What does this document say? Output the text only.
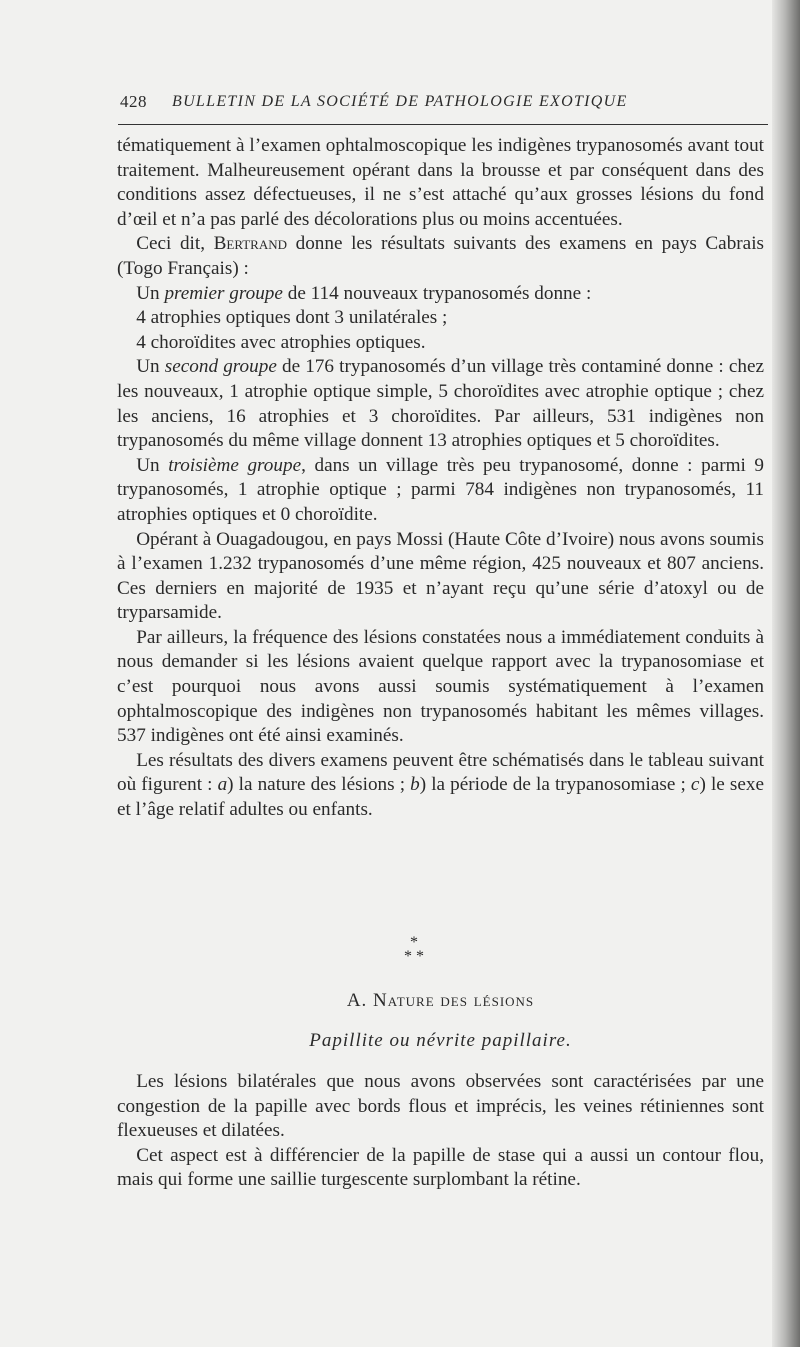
428 BULLETIN DE LA SOCIÉTÉ DE PATHOLOGIE EXOTIQUE

tématiquement à l’examen ophtalmoscopique les indigènes trypanosomés avant tout traitement. Malheureusement opérant dans la brousse et par conséquent dans des conditions assez défectueuses, il ne s’est attaché qu’aux grosses lésions du fond d’œil et n’a pas parlé des décolorations plus ou moins accentuées.

 Ceci dit, Bertrand donne les résultats suivants des examens en pays Cabrais (Togo Français) :

 Un premier groupe de 114 nouveaux trypanosomés donne :

 4 atrophies optiques dont 3 unilatérales ;

 4 choroïdites avec atrophies optiques.

 Un second groupe de 176 trypanosomés d’un village très contaminé donne : chez les nouveaux, 1 atrophie optique simple, 5 choroïdites avec atrophie optique ; chez les anciens, 16 atrophies et 3 choroïdites. Par ailleurs, 531 indigènes non trypanosomés du même village donnent 13 atrophies optiques et 5 choroïdites.

 Un troisième groupe, dans un village très peu trypanosomé, donne : parmi 9 trypanosomés, 1 atrophie optique ; parmi 784 indigènes non trypanosomés, 11 atrophies optiques et 0 choroïdite.

 Opérant à Ouagadougou, en pays Mossi (Haute Côte d’Ivoire) nous avons soumis à l’examen 1.232 trypanosomés d’une même région, 425 nouveaux et 807 anciens. Ces derniers en majorité de 1935 et n’ayant reçu qu’une série d’atoxyl ou de tryparsamide.

 Par ailleurs, la fréquence des lésions constatées nous a immédiatement conduits à nous demander si les lésions avaient quelque rapport avec la trypanosomiase et c’est pourquoi nous avons aussi soumis systématiquement à l’examen ophtalmoscopique des indigènes non trypanosomés habitant les mêmes villages. 537 indigènes ont été ainsi examinés.

 Les résultats des divers examens peuvent être schématisés dans le tableau suivant où figurent : a) la nature des lésions ; b) la période de la trypanosomiase ; c) le sexe et l’âge relatif adultes ou enfants.

*
* *
A. Nature des lésions
Papillite ou névrite papillaire.

 Les lésions bilatérales que nous avons observées sont caractérisées par une congestion de la papille avec bords flous et imprécis, les veines rétiniennes sont flexueuses et dilatées.

 Cet aspect est à différencier de la papille de stase qui a aussi un contour flou, mais qui forme une saillie turgescente surplombant la rétine.
